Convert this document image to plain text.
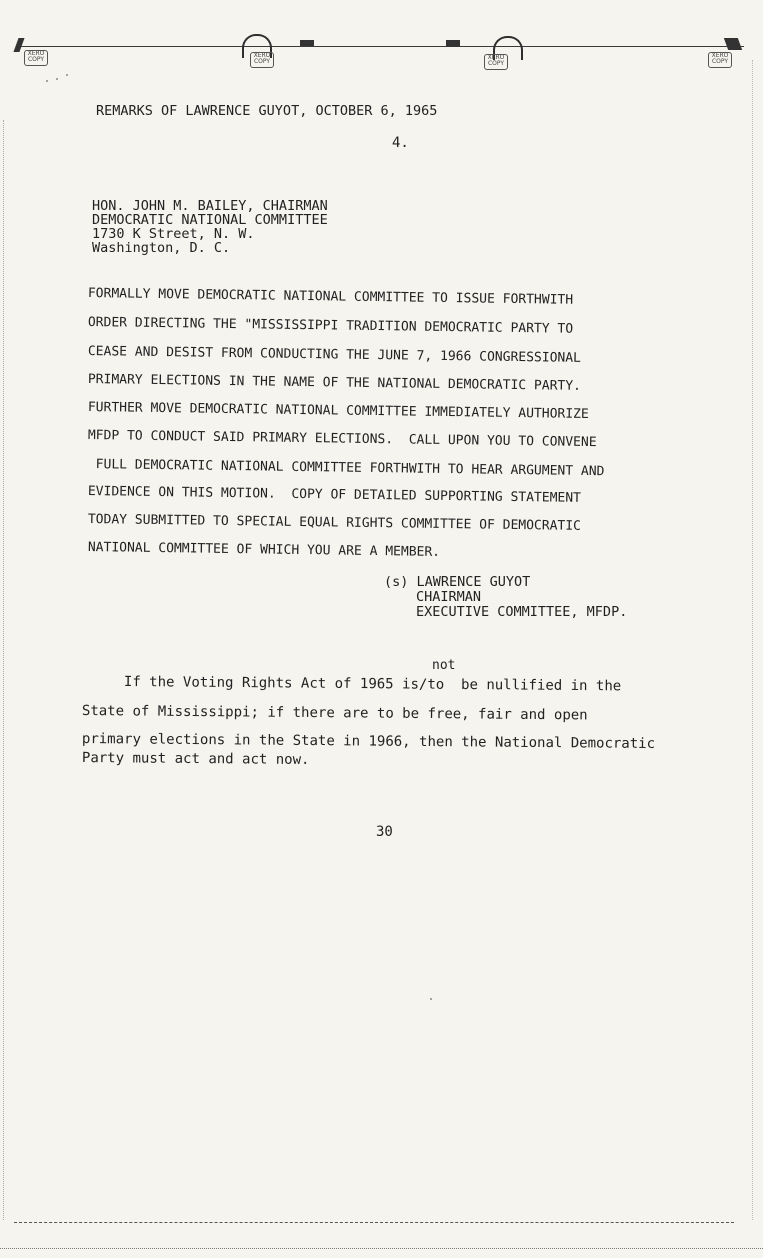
XERO COPY
XERO COPY
XERO COPY
XERO COPY
REMARKS OF LAWRENCE GUYOT, OCTOBER 6, 1965
4.
HON. JOHN M. BAILEY, CHAIRMAN
DEMOCRATIC NATIONAL COMMITTEE
1730 K Street, N. W.
Washington, D. C.
FORMALLY MOVE DEMOCRATIC NATIONAL COMMITTEE TO ISSUE FORTHWITH
ORDER DIRECTING THE "MISSISSIPPI TRADITION DEMOCRATIC PARTY TO
CEASE AND DESIST FROM CONDUCTING THE JUNE 7, 1966 CONGRESSIONAL
PRIMARY ELECTIONS IN THE NAME OF THE NATIONAL DEMOCRATIC PARTY.
FURTHER MOVE DEMOCRATIC NATIONAL COMMITTEE IMMEDIATELY AUTHORIZE
MFDP TO CONDUCT SAID PRIMARY ELECTIONS.  CALL UPON YOU TO CONVENE
FULL DEMOCRATIC NATIONAL COMMITTEE FORTHWITH TO HEAR ARGUMENT AND
EVIDENCE ON THIS MOTION.  COPY OF DETAILED SUPPORTING STATEMENT
TODAY SUBMITTED TO SPECIAL EQUAL RIGHTS COMMITTEE OF DEMOCRATIC
NATIONAL COMMITTEE OF WHICH YOU ARE A MEMBER.
(s) LAWRENCE GUYOT
CHAIRMAN
EXECUTIVE COMMITTEE, MFDP.
not
If the Voting Rights Act of 1965 is/to  be nullified in the
State of Mississippi; if there are to be free, fair and open
primary elections in the State in 1966, then the National Democratic
Party must act and act now.
30
